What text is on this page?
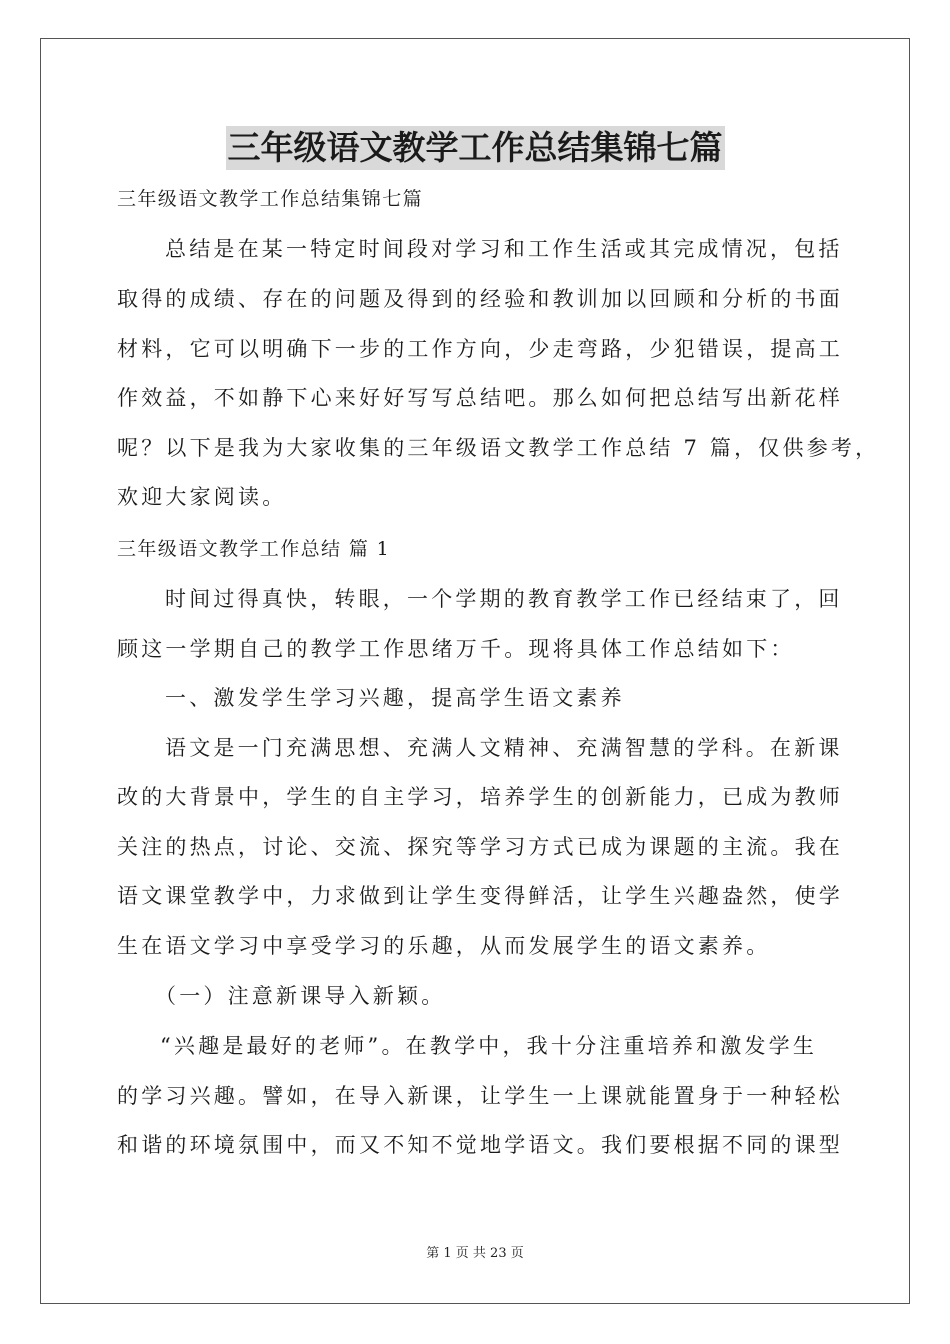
三年级语文教学工作总结集锦七篇
三年级语文教学工作总结集锦七篇
总结是在某一特定时间段对学习和工作生活或其完成情况，包括
取得的成绩、存在的问题及得到的经验和教训加以回顾和分析的书面
材料，它可以明确下一步的工作方向，少走弯路，少犯错误，提高工
作效益，不如静下心来好好写写总结吧。那么如何把总结写出新花样
呢？以下是我为大家收集的三年级语文教学工作总结 7 篇，仅供参考，
欢迎大家阅读。
三年级语文教学工作总结 篇 1
时间过得真快，转眼，一个学期的教育教学工作已经结束了，回
顾这一学期自己的教学工作思绪万千。现将具体工作总结如下：
一、激发学生学习兴趣，提高学生语文素养
语文是一门充满思想、充满人文精神、充满智慧的学科。在新课
改的大背景中，学生的自主学习，培养学生的创新能力，已成为教师
关注的热点，讨论、交流、探究等学习方式已成为课题的主流。我在
语文课堂教学中，力求做到让学生变得鲜活，让学生兴趣盎然，使学
生在语文学习中享受学习的乐趣，从而发展学生的语文素养。
（一）注意新课导入新颖。
“兴趣是最好的老师”。在教学中，我十分注重培养和激发学生
的学习兴趣。譬如，在导入新课，让学生一上课就能置身于一种轻松
和谐的环境氛围中，而又不知不觉地学语文。我们要根据不同的课型
第 1 页 共 23 页
